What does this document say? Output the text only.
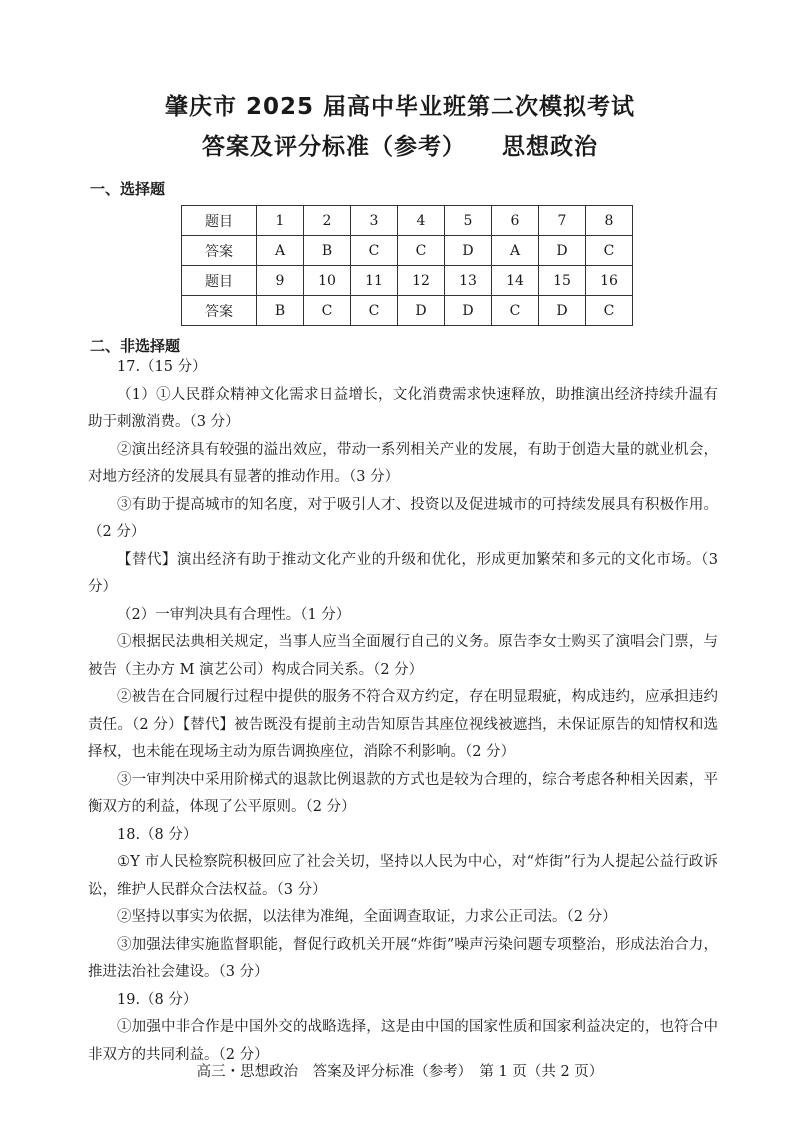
肇庆市 2025 届高中毕业班第二次模拟考试
答案及评分标准（参考） 思想政治
一、选择题
题目	1	2	3	4	5	6	7	8
答案	A	B	C	C	D	A	D	C
题目	9	10	11	12	13	14	15	16
答案	B	C	C	D	D	C	D	C
二、非选择题

17.（15 分）

（1）①人民群众精神文化需求日益增长，文化消费需求快速释放，助推演出经济持续升温有助于刺激消费。（3 分）

②演出经济具有较强的溢出效应，带动一系列相关产业的发展，有助于创造大量的就业机会，对地方经济的发展具有显著的推动作用。（3 分）

③有助于提高城市的知名度，对于吸引人才、投资以及促进城市的可持续发展具有积极作用。（2 分）

【替代】演出经济有助于推动文化产业的升级和优化，形成更加繁荣和多元的文化市场。（3 分）

（2）一审判决具有合理性。（1 分）

①根据民法典相关规定，当事人应当全面履行自己的义务。原告李女士购买了演唱会门票，与被告（主办方 M 演艺公司）构成合同关系。（2 分）

②被告在合同履行过程中提供的服务不符合双方约定，存在明显瑕疵，构成违约，应承担违约责任。（2 分）【替代】被告既没有提前主动告知原告其座位视线被遮挡，未保证原告的知情权和选择权，也未能在现场主动为原告调换座位，消除不利影响。（2 分）

③一审判决中采用阶梯式的退款比例退款的方式也是较为合理的，综合考虑各种相关因素，平衡双方的利益，体现了公平原则。（2 分）

18.（8 分）

①Y 市人民检察院积极回应了社会关切，坚持以人民为中心，对“炸街”行为人提起公益行政诉讼，维护人民群众合法权益。（3 分）

②坚持以事实为依据，以法律为准绳，全面调查取证，力求公正司法。（2 分）

③加强法律实施监督职能，督促行政机关开展“炸街”噪声污染问题专项整治，形成法治合力，推进法治社会建设。（3 分）

19.（8 分）

①加强中非合作是中国外交的战略选择，这是由中国的国家性质和国家利益决定的，也符合中非双方的共同利益。（2 分）

高三・思想政治　答案及评分标准（参考）　第 1 页（共 2 页）
